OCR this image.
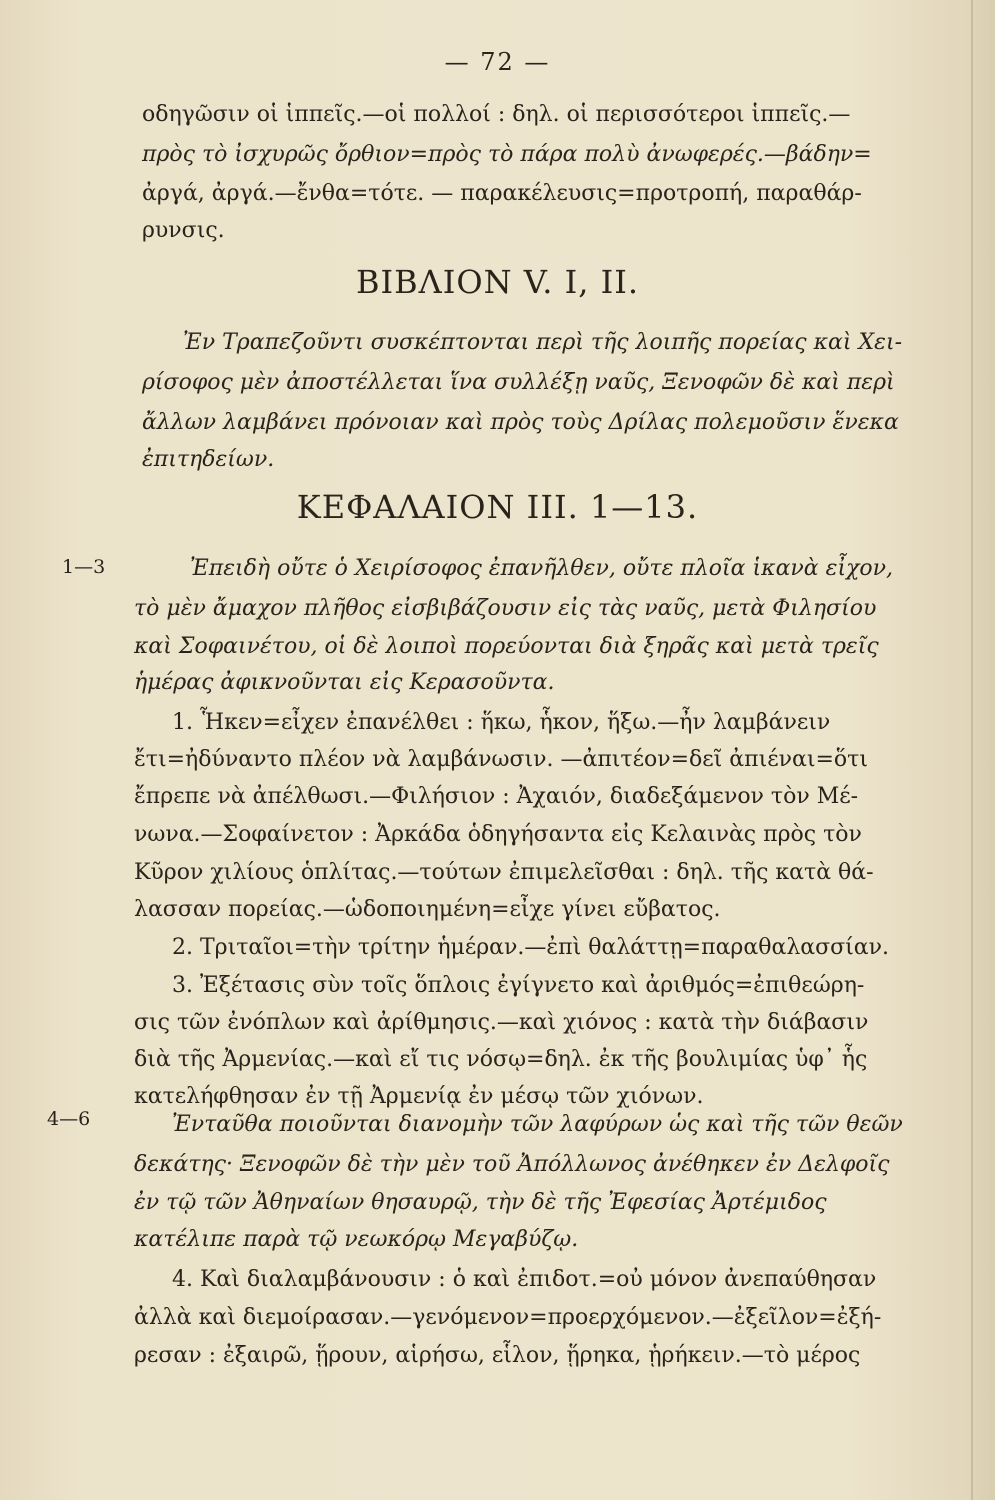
— 72 —
οδηγῶσιν οἱ ἱππεῖς.—οἱ πολλοί : δηλ. οἱ περισσότεροι ἱππεῖς.—
πρὸς τὸ ἰσχυρῶς ὄρθιον=πρὸς τὸ πάρα πολὺ ἀνωφερές.—βάδην=
ἀργά, ἀργά.—ἔνθα=τότε. — παρακέλευσις=προτροπή, παραθάρ-
ρυνσις.
ΒΙΒΛΙΟΝ V. I, II.
Ἐν Τραπεζοῦντι συσκέπτονται περὶ τῆς λοιπῆς πορείας καὶ Χει-
ρίσοφος μὲν ἀποστέλλεται ἵνα συλλέξῃ ναῦς, Ξενοφῶν δὲ καὶ περὶ
ἄλλων λαμβάνει πρόνοιαν καὶ πρὸς τοὺς Δρίλας πολεμοῦσιν ἕνεκα
ἐπιτηδείων.
ΚΕΦΑΛΑΙΟΝ III. 1—13.
1—3	Ἐπειδὴ οὔτε ὁ Χειρίσοφος ἐπανῆλθεν, οὔτε πλοῖα ἱκανὰ εἶχον,
τὸ μὲν ἄμαχον πλῆθος εἰσβιβάζουσιν εἰς τὰς ναῦς, μετὰ Φιλησίου
καὶ Σοφαινέτου, οἱ δὲ λοιποὶ πορεύονται διὰ ξηρᾶς καὶ μετὰ τρεῖς
ἡμέρας ἀφικνοῦνται εἰς Κερασοῦντα.
1. Ἧκεν=εἶχεν ἐπανέλθει : ἥκω, ἧκον, ἥξω.—ἦν λαμβάνειν
ἔτι=ἠδύναντο πλέον νὰ λαμβάνωσιν. —ἀπιτέον=δεῖ ἀπιέναι=ὅτι
ἔπρεπε νὰ ἀπέλθωσι.—Φιλήσιον : Ἀχαιόν, διαδεξάμενον τὸν Μέ-
νωνα.—Σοφαίνετον : Ἀρκάδα ὁδηγήσαντα εἰς Κελαινὰς πρὸς τὸν
Κῦρον χιλίους ὁπλίτας.—τούτων ἐπιμελεῖσθαι : δηλ. τῆς κατὰ θά-
λασσαν πορείας.—ὡδοποιημένη=εἶχε γίνει εὔβατος.
2. Τριταῖοι=τὴν τρίτην ἡμέραν.—ἐπὶ θαλάττῃ=παραθαλασσίαν.
3. Ἐξέτασις σὺν τοῖς ὅπλοις ἐγίγνετο καὶ ἀριθμός=ἐπιθεώρη-
σις τῶν ἐνόπλων καὶ ἀρίθμησις.—καὶ χιόνος : κατὰ τὴν διάβασιν
διὰ τῆς Ἀρμενίας.—καὶ εἴ τις νόσῳ=δηλ. ἐκ τῆς βουλιμίας ὑφ᾽ ἧς
κατελήφθησαν ἐν τῇ Ἀρμενίᾳ ἐν μέσῳ τῶν χιόνων.
4—6	Ἐνταῦθα ποιοῦνται διανομὴν τῶν λαφύρων ὡς καὶ τῆς τῶν θεῶν
δεκάτης· Ξενοφῶν δὲ τὴν μὲν τοῦ Ἀπόλλωνος ἀνέθηκεν ἐν Δελφοῖς
ἐν τῷ τῶν Ἀθηναίων θησαυρῷ, τὴν δὲ τῆς Ἐφεσίας Ἀρτέμιδος
κατέλιπε παρὰ τῷ νεωκόρῳ Μεγαβύζῳ.
4. Καὶ διαλαμβάνουσιν : ὁ καὶ ἐπιδοτ.=οὐ μόνον ἀνεπαύθησαν
ἀλλὰ καὶ διεμοίρασαν.—γενόμενον=προερχόμενον.—ἐξεῖλον=ἐξή-
ρεσαν : ἐξαιρῶ, ᾕρουν, αἱρήσω, εἷλον, ᾕρηκα, ᾑρήκειν.—τὸ μέρος
